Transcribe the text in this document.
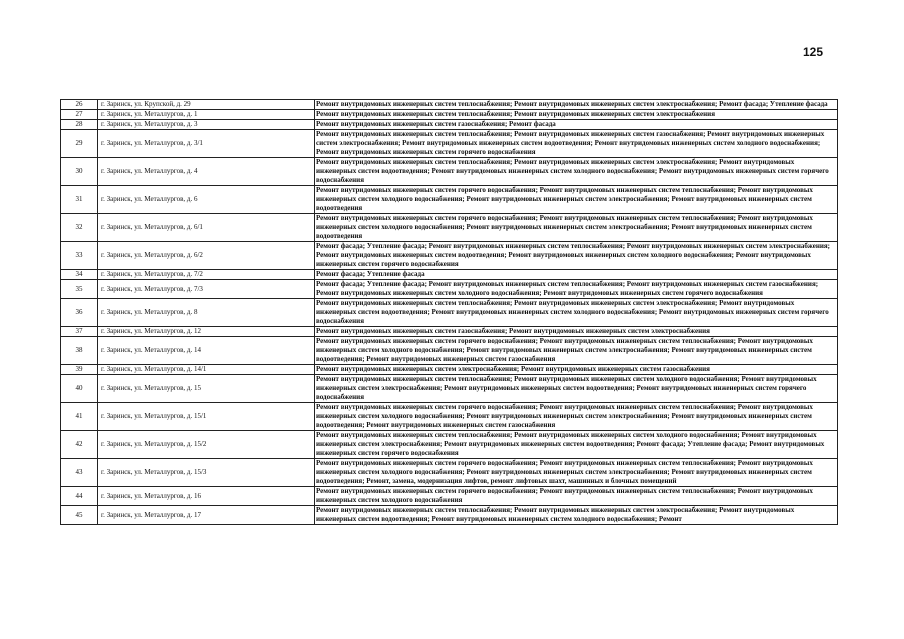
125
26	г. Заринск, ул. Крупской, д. 29	Ремонт внутридомовых инженерных систем теплоснабжения; Ремонт внутридомовых инженерных систем электроснабжения; Ремонт фасада; Утепление фасада
27	г. Заринск, ул. Металлургов, д. 1	Ремонт внутридомовых инженерных систем теплоснабжения; Ремонт внутридомовых инженерных систем электроснабжения
28	г. Заринск, ул. Металлургов, д. 3	Ремонт внутридомовых инженерных систем газоснабжения; Ремонт фасада
29	г. Заринск, ул. Металлургов, д. 3/1	Ремонт внутридомовых инженерных систем теплоснабжения; Ремонт внутридомовых инженерных систем газоснабжения; Ремонт внутридомовых инженерных систем электроснабжения; Ремонт внутридомовых инженерных систем водоотведения; Ремонт внутридомовых инженерных систем холодного водоснабжения; Ремонт внутридомовых инженерных систем горячего водоснабжения
30	г. Заринск, ул. Металлургов, д. 4	Ремонт внутридомовых инженерных систем теплоснабжения; Ремонт внутридомовых инженерных систем электроснабжения; Ремонт внутридомовых инженерных систем водоотведения; Ремонт внутридомовых инженерных систем холодного водоснабжения; Ремонт внутридомовых инженерных систем горячего водоснабжения
31	г. Заринск, ул. Металлургов, д. 6	Ремонт внутридомовых инженерных систем горячего водоснабжения; Ремонт внутридомовых инженерных систем теплоснабжения; Ремонт внутридомовых инженерных систем холодного водоснабжения; Ремонт внутридомовых инженерных систем электроснабжения; Ремонт внутридомовых инженерных систем водоотведения
32	г. Заринск, ул. Металлургов, д. 6/1	Ремонт внутридомовых инженерных систем горячего водоснабжения; Ремонт внутридомовых инженерных систем теплоснабжения; Ремонт внутридомовых инженерных систем холодного водоснабжения; Ремонт внутридомовых инженерных систем электроснабжения; Ремонт внутридомовых инженерных систем водоотведения
33	г. Заринск, ул. Металлургов, д. 6/2	Ремонт фасада; Утепление фасада; Ремонт внутридомовых инженерных систем теплоснабжения; Ремонт внутридомовых инженерных систем электроснабжения; Ремонт внутридомовых инженерных систем водоотведения; Ремонт внутридомовых инженерных систем холодного водоснабжения; Ремонт внутридомовых инженерных систем горячего водоснабжения
34	г. Заринск, ул. Металлургов, д. 7/2	Ремонт фасада; Утепление фасада
35	г. Заринск, ул. Металлургов, д. 7/3	Ремонт фасада; Утепление фасада; Ремонт внутридомовых инженерных систем теплоснабжения; Ремонт внутридомовых инженерных систем газоснабжения; Ремонт внутридомовых инженерных систем холодного водоснабжения; Ремонт внутридомовых инженерных систем горячего водоснабжения
36	г. Заринск, ул. Металлургов, д. 8	Ремонт внутридомовых инженерных систем теплоснабжения; Ремонт внутридомовых инженерных систем электроснабжения; Ремонт внутридомовых инженерных систем водоотведения; Ремонт внутридомовых инженерных систем холодного водоснабжения; Ремонт внутридомовых инженерных систем горячего водоснабжения
37	г. Заринск, ул. Металлургов, д. 12	Ремонт внутридомовых инженерных систем газоснабжения; Ремонт внутридомовых инженерных систем электроснабжения
38	г. Заринск, ул. Металлургов, д. 14	Ремонт внутридомовых инженерных систем горячего водоснабжения; Ремонт внутридомовых инженерных систем теплоснабжения; Ремонт внутридомовых инженерных систем холодного водоснабжения; Ремонт внутридомовых инженерных систем электроснабжения; Ремонт внутридомовых инженерных систем водоотведения; Ремонт внутридомовых инженерных систем газоснабжения
39	г. Заринск, ул. Металлургов, д. 14/1	Ремонт внутридомовых инженерных систем электроснабжения; Ремонт внутридомовых инженерных систем газоснабжения
40	г. Заринск, ул. Металлургов, д. 15	Ремонт внутридомовых инженерных систем теплоснабжения; Ремонт внутридомовых инженерных систем холодного водоснабжения; Ремонт внутридомовых инженерных систем электроснабжения; Ремонт внутридомовых инженерных систем водоотведения; Ремонт внутридомовых инженерных систем горячего водоснабжения
41	г. Заринск, ул. Металлургов, д. 15/1	Ремонт внутридомовых инженерных систем горячего водоснабжения; Ремонт внутридомовых инженерных систем теплоснабжения; Ремонт внутридомовых инженерных систем холодного водоснабжения; Ремонт внутридомовых инженерных систем электроснабжения; Ремонт внутридомовых инженерных систем водоотведения; Ремонт внутридомовых инженерных систем газоснабжения
42	г. Заринск, ул. Металлургов, д. 15/2	Ремонт внутридомовых инженерных систем теплоснабжения; Ремонт внутридомовых инженерных систем холодного водоснабжения; Ремонт внутридомовых инженерных систем электроснабжения; Ремонт внутридомовых инженерных систем водоотведения; Ремонт фасада; Утепление фасада; Ремонт внутридомовых инженерных систем горячего водоснабжения
43	г. Заринск, ул. Металлургов, д. 15/3	Ремонт внутридомовых инженерных систем горячего водоснабжения; Ремонт внутридомовых инженерных систем теплоснабжения; Ремонт внутридомовых инженерных систем холодного водоснабжения; Ремонт внутридомовых инженерных систем электроснабжения; Ремонт внутридомовых инженерных систем водоотведения; Ремонт, замена, модернизация лифтов, ремонт лифтовых шахт, машинных и блочных помещений
44	г. Заринск, ул. Металлургов, д. 16	Ремонт внутридомовых инженерных систем горячего водоснабжения; Ремонт внутридомовых инженерных систем теплоснабжения; Ремонт внутридомовых инженерных систем холодного водоснабжения
45	г. Заринск, ул. Металлургов, д. 17	Ремонт внутридомовых инженерных систем теплоснабжения; Ремонт внутридомовых инженерных систем электроснабжения; Ремонт внутридомовых инженерных систем водоотведения; Ремонт внутридомовых инженерных систем холодного водоснабжения; Ремонт
